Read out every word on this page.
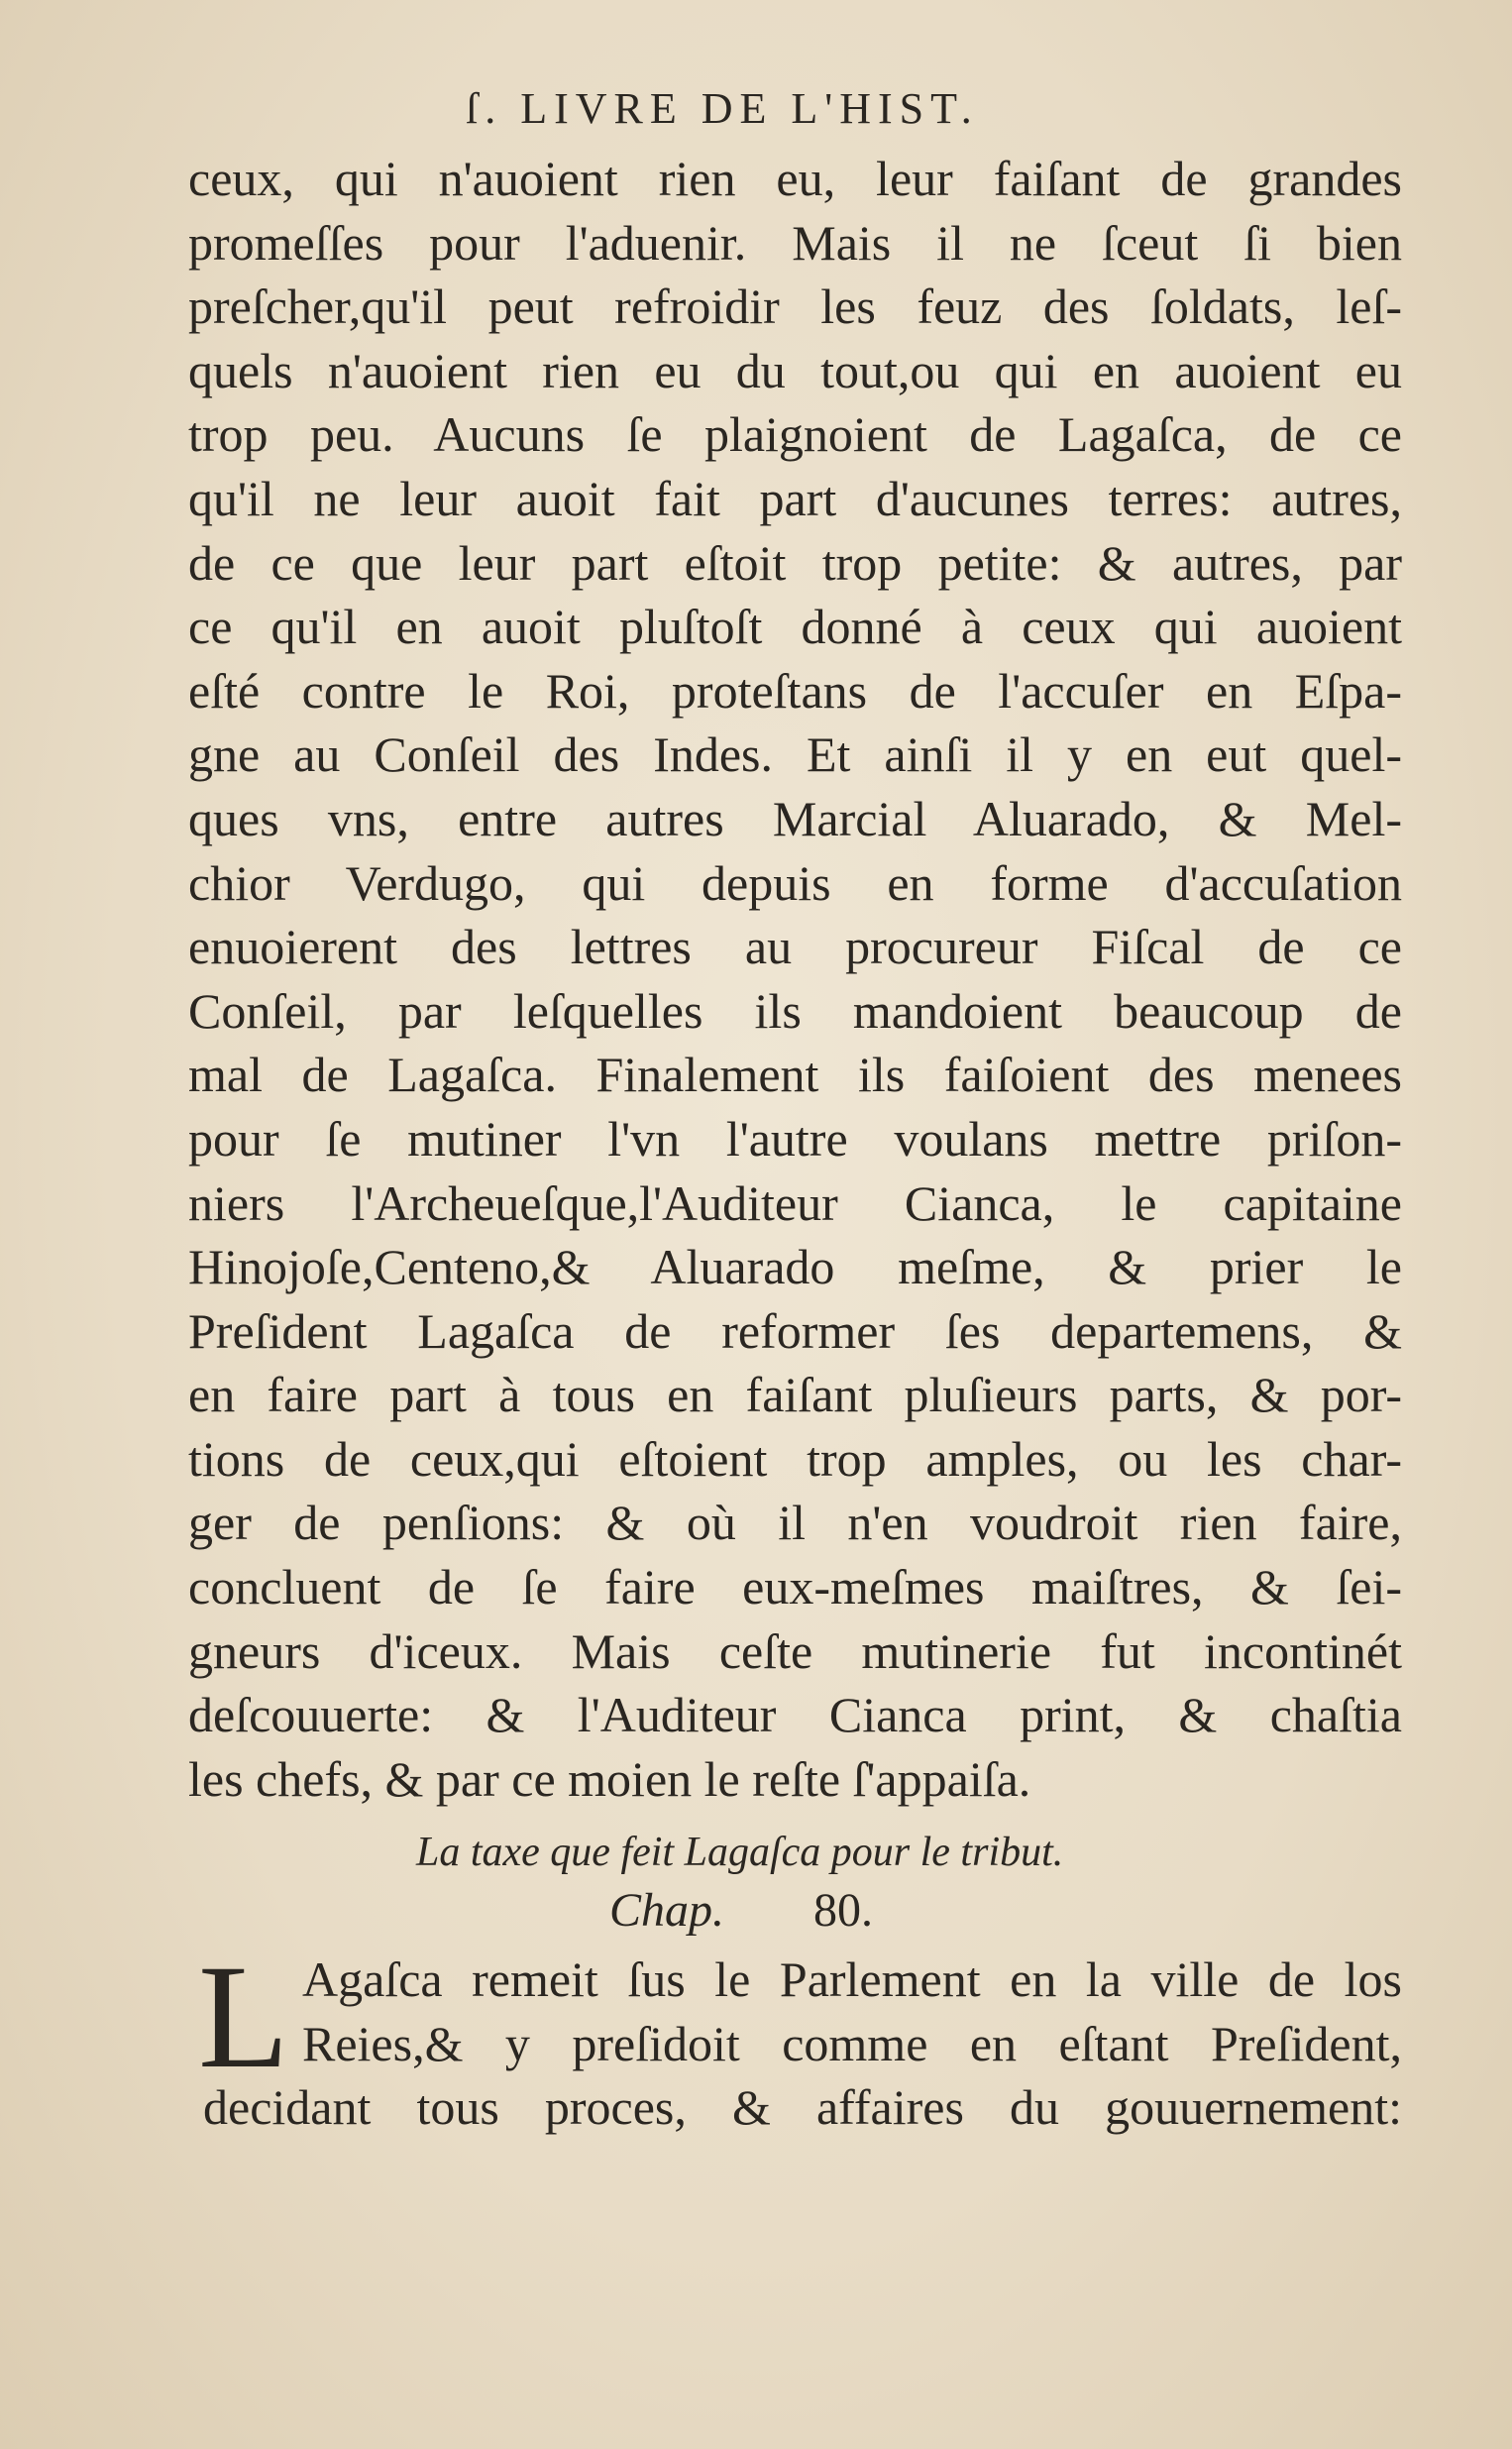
ſ. LIVRE DE L'HIST.
ceux, qui n'auoient rien eu, leur faiſant de grandes
promeſſes pour l'aduenir. Mais il ne ſceut ſi bien
preſcher,qu'il peut refroidir les feuz des ſoldats, leſ-
quels n'auoient rien eu du tout,ou qui en auoient eu
trop peu. Aucuns ſe plaignoient de Lagaſca, de ce
qu'il ne leur auoit fait part d'aucunes terres: autres,
de ce que leur part eſtoit trop petite: & autres, par
ce qu'il en auoit pluſtoſt donné à ceux qui auoient
eſté contre le Roi, proteſtans de l'accuſer en Eſpa-
gne au Conſeil des Indes. Et ainſi il y en eut quel-
ques vns, entre autres Marcial Aluarado, & Mel-
chior Verdugo, qui depuis en forme d'accuſation
enuoierent des lettres au procureur Fiſcal de ce
Conſeil, par leſquelles ils mandoient beaucoup de
mal de Lagaſca. Finalement ils faiſoient des menees
pour ſe mutiner l'vn l'autre voulans mettre priſon-
niers l'Archeueſque,l'Auditeur Cianca, le capitaine
Hinojoſe,Centeno,& Aluarado meſme, & prier le
Preſident Lagaſca de reformer ſes departemens, &
en faire part à tous en faiſant pluſieurs parts, & por-
tions de ceux,qui eſtoient trop amples, ou les char-
ger de penſions: & où il n'en voudroit rien faire,
concluent de ſe faire eux-meſmes maiſtres, & ſei-
gneurs d'iceux. Mais ceſte mutinerie fut incontinét
deſcouuerte: & l'Auditeur Cianca print, & chaſtia
les chefs, & par ce moien le reſte ſ'appaiſa.
La taxe que feit Lagaſca pour le tribut.
Chap. 80.
L Agaſca remeit ſus le Parlement en la ville de los
Reies,& y preſidoit comme en eſtant Preſident,
decidant tous proces, & affaires du gouuernement:
